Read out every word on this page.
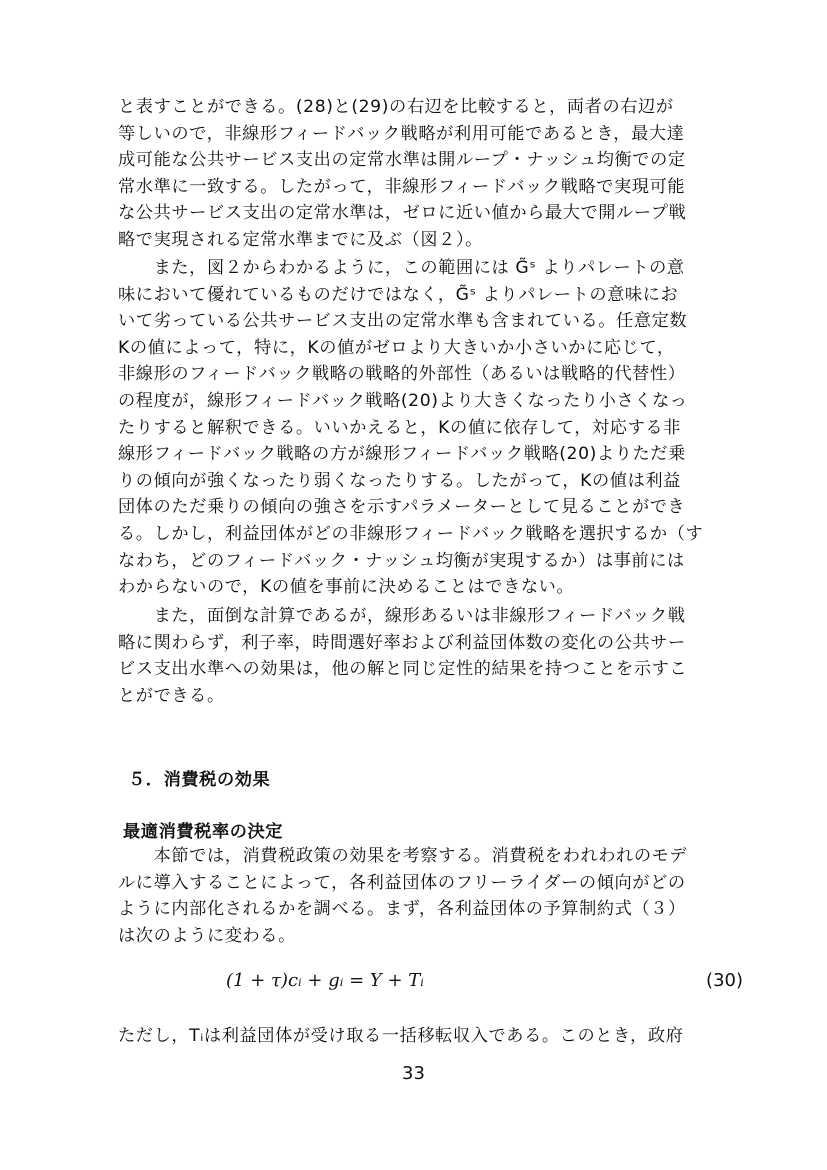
と表すことができる。(28)と(29)の右辺を比較すると，両者の右辺が
等しいので，非線形フィードバック戦略が利用可能であるとき，最大達
成可能な公共サービス支出の定常水準は開ループ・ナッシュ均衡での定
常水準に一致する。したがって，非線形フィードバック戦略で実現可能
な公共サービス支出の定常水準は，ゼロに近い値から最大で開ループ戦
略で実現される定常水準までに及ぶ（図２）。
　　また，図２からわかるように，この範囲には G̃ˢ よりパレートの意
味において優れているものだけではなく，G̃ˢ よりパレートの意味にお
いて劣っている公共サービス支出の定常水準も含まれている。任意定数
Kの値によって，特に，Kの値がゼロより大きいか小さいかに応じて，
非線形のフィードバック戦略の戦略的外部性（あるいは戦略的代替性）
の程度が，線形フィードバック戦略(20)より大きくなったり小さくなっ
たりすると解釈できる。いいかえると，Kの値に依存して，対応する非
線形フィードバック戦略の方が線形フィードバック戦略(20)よりただ乗
りの傾向が強くなったり弱くなったりする。したがって，Kの値は利益
団体のただ乗りの傾向の強さを示すパラメーターとして見ることができ
る。しかし，利益団体がどの非線形フィードバック戦略を選択するか（す
なわち，どのフィードバック・ナッシュ均衡が実現するか）は事前には
わからないので，Kの値を事前に決めることはできない。
　　また，面倒な計算であるが，線形あるいは非線形フィードバック戦
略に関わらず，利子率，時間選好率および利益団体数の変化の公共サー
ビス支出水準への効果は，他の解と同じ定性的結果を持つことを示すこ
とができる。
５．消費税の効果
最適消費税率の決定
　　本節では，消費税政策の効果を考察する。消費税をわれわれのモデ
ルに導入することによって，各利益団体のフリーライダーの傾向がどの
ように内部化されるかを調べる。まず，各利益団体の予算制約式（３）
は次のように変わる。

(1 + τ)cᵢ + gᵢ = Y + Tᵢ	(30)

ただし，Tᵢは利益団体が受け取る一括移転収入である。このとき，政府

33
